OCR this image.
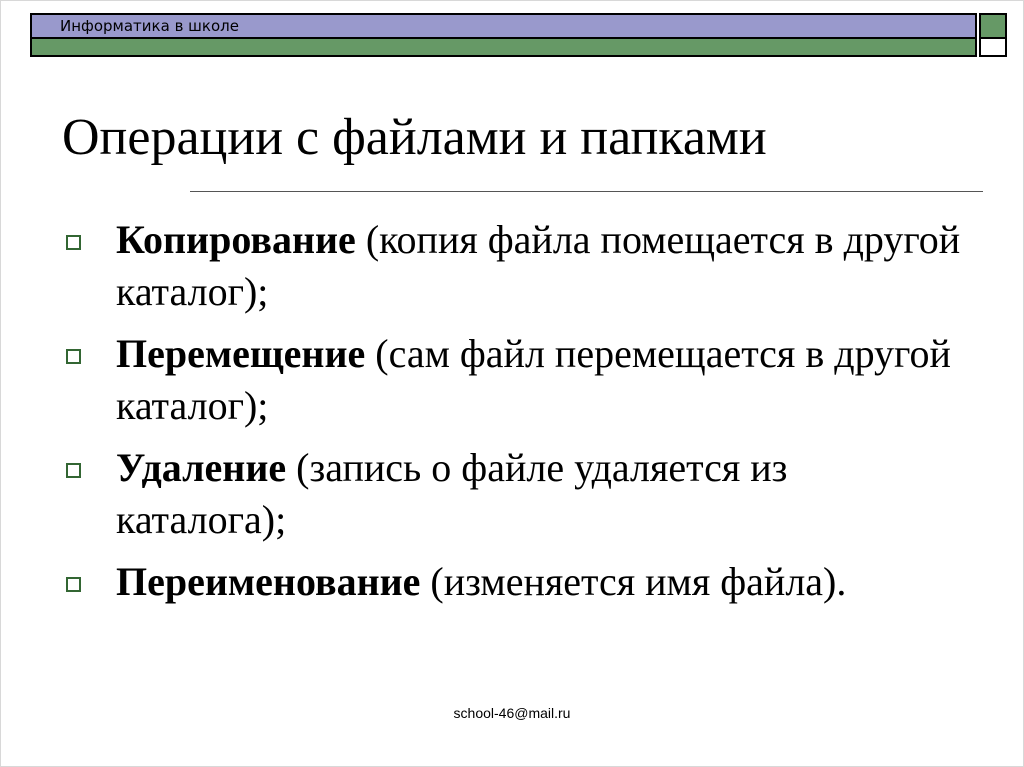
Информатика в школе
Операции с файлами и папками
Копирование (копия файла помещается в другой каталог);
Перемещение (сам файл перемещается в другой каталог);
Удаление (запись о файле удаляется из каталога);
Переименование (изменяется имя файла).
school-46@mail.ru
